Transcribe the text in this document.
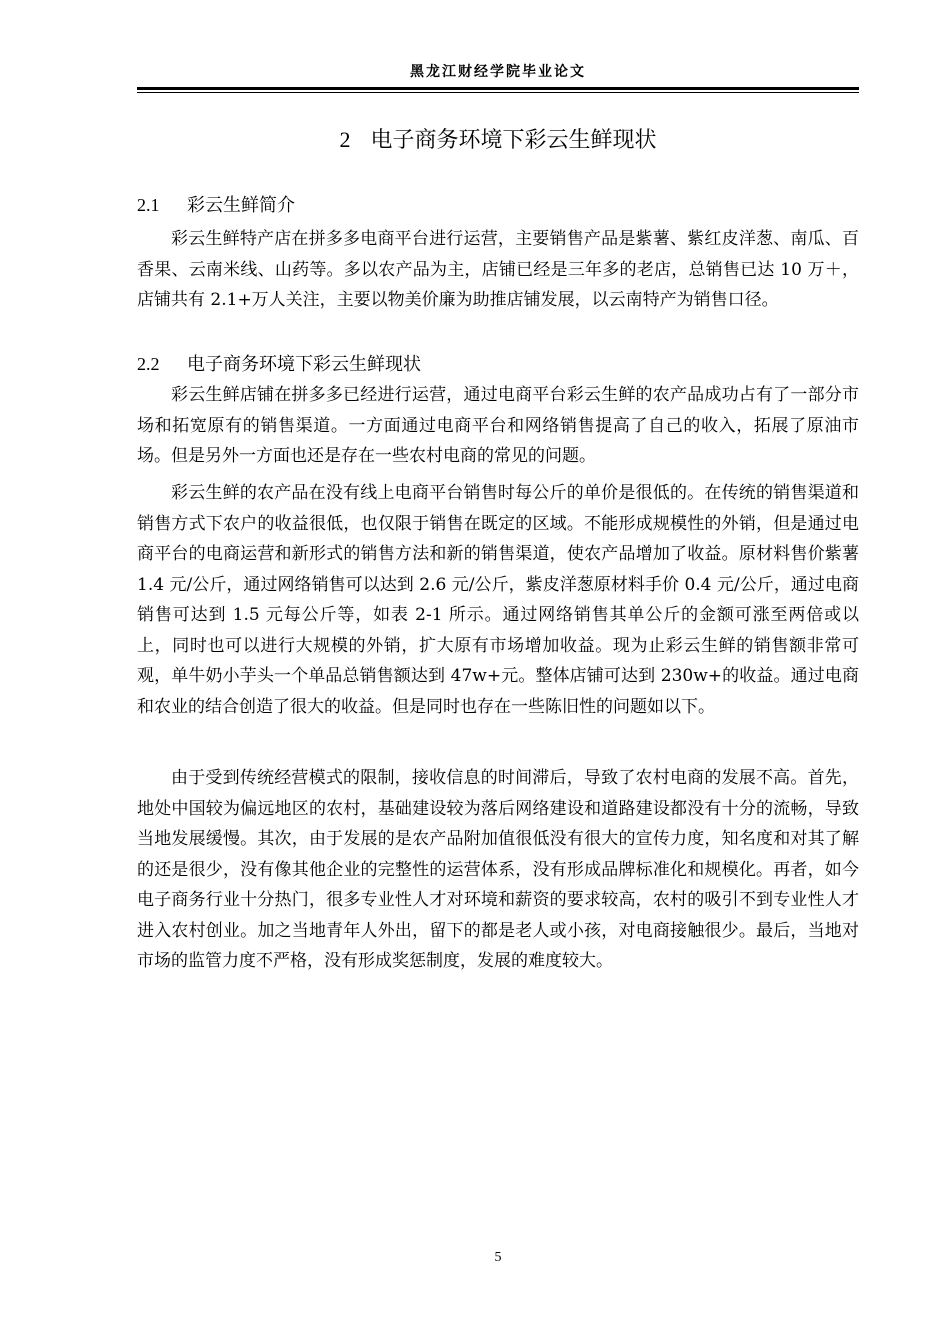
黑龙江财经学院毕业论文
2 电子商务环境下彩云生鲜现状
2.1 彩云生鲜简介

彩云生鲜特产店在拼多多电商平台进行运营，主要销售产品是紫薯、紫红皮洋葱、南瓜、百香果、云南米线、山药等。多以农产品为主，店铺已经是三年多的老店，总销售已达 10 万＋，店铺共有 2.1+万人关注，主要以物美价廉为助推店铺发展，以云南特产为销售口径。

2.2 电子商务环境下彩云生鲜现状

彩云生鲜店铺在拼多多已经进行运营，通过电商平台彩云生鲜的农产品成功占有了一部分市场和拓宽原有的销售渠道。一方面通过电商平台和网络销售提高了自己的收入，拓展了原油市场。但是另外一方面也还是存在一些农村电商的常见的问题。

彩云生鲜的农产品在没有线上电商平台销售时每公斤的单价是很低的。在传统的销售渠道和销售方式下农户的收益很低，也仅限于销售在既定的区域。不能形成规模性的外销，但是通过电商平台的电商运营和新形式的销售方法和新的销售渠道，使农产品增加了收益。原材料售价紫薯 1.4 元/公斤，通过网络销售可以达到 2.6 元/公斤，紫皮洋葱原材料手价 0.4 元/公斤，通过电商销售可达到 1.5 元每公斤等，如表 2-1 所示。通过网络销售其单公斤的金额可涨至两倍或以上，同时也可以进行大规模的外销，扩大原有市场增加收益。现为止彩云生鲜的销售额非常可观，单牛奶小芋头一个单品总销售额达到 47w+元。整体店铺可达到 230w+的收益。通过电商和农业的结合创造了很大的收益。但是同时也存在一些陈旧性的问题如以下。

由于受到传统经营模式的限制，接收信息的时间滞后，导致了农村电商的发展不高。首先，地处中国较为偏远地区的农村，基础建设较为落后网络建设和道路建设都没有十分的流畅，导致当地发展缓慢。其次，由于发展的是农产品附加值很低没有很大的宣传力度，知名度和对其了解的还是很少，没有像其他企业的完整性的运营体系，没有形成品牌标准化和规模化。再者，如今电子商务行业十分热门，很多专业性人才对环境和薪资的要求较高，农村的吸引不到专业性人才进入农村创业。加之当地青年人外出，留下的都是老人或小孩，对电商接触很少。最后，当地对市场的监管力度不严格，没有形成奖惩制度，发展的难度较大。

5
